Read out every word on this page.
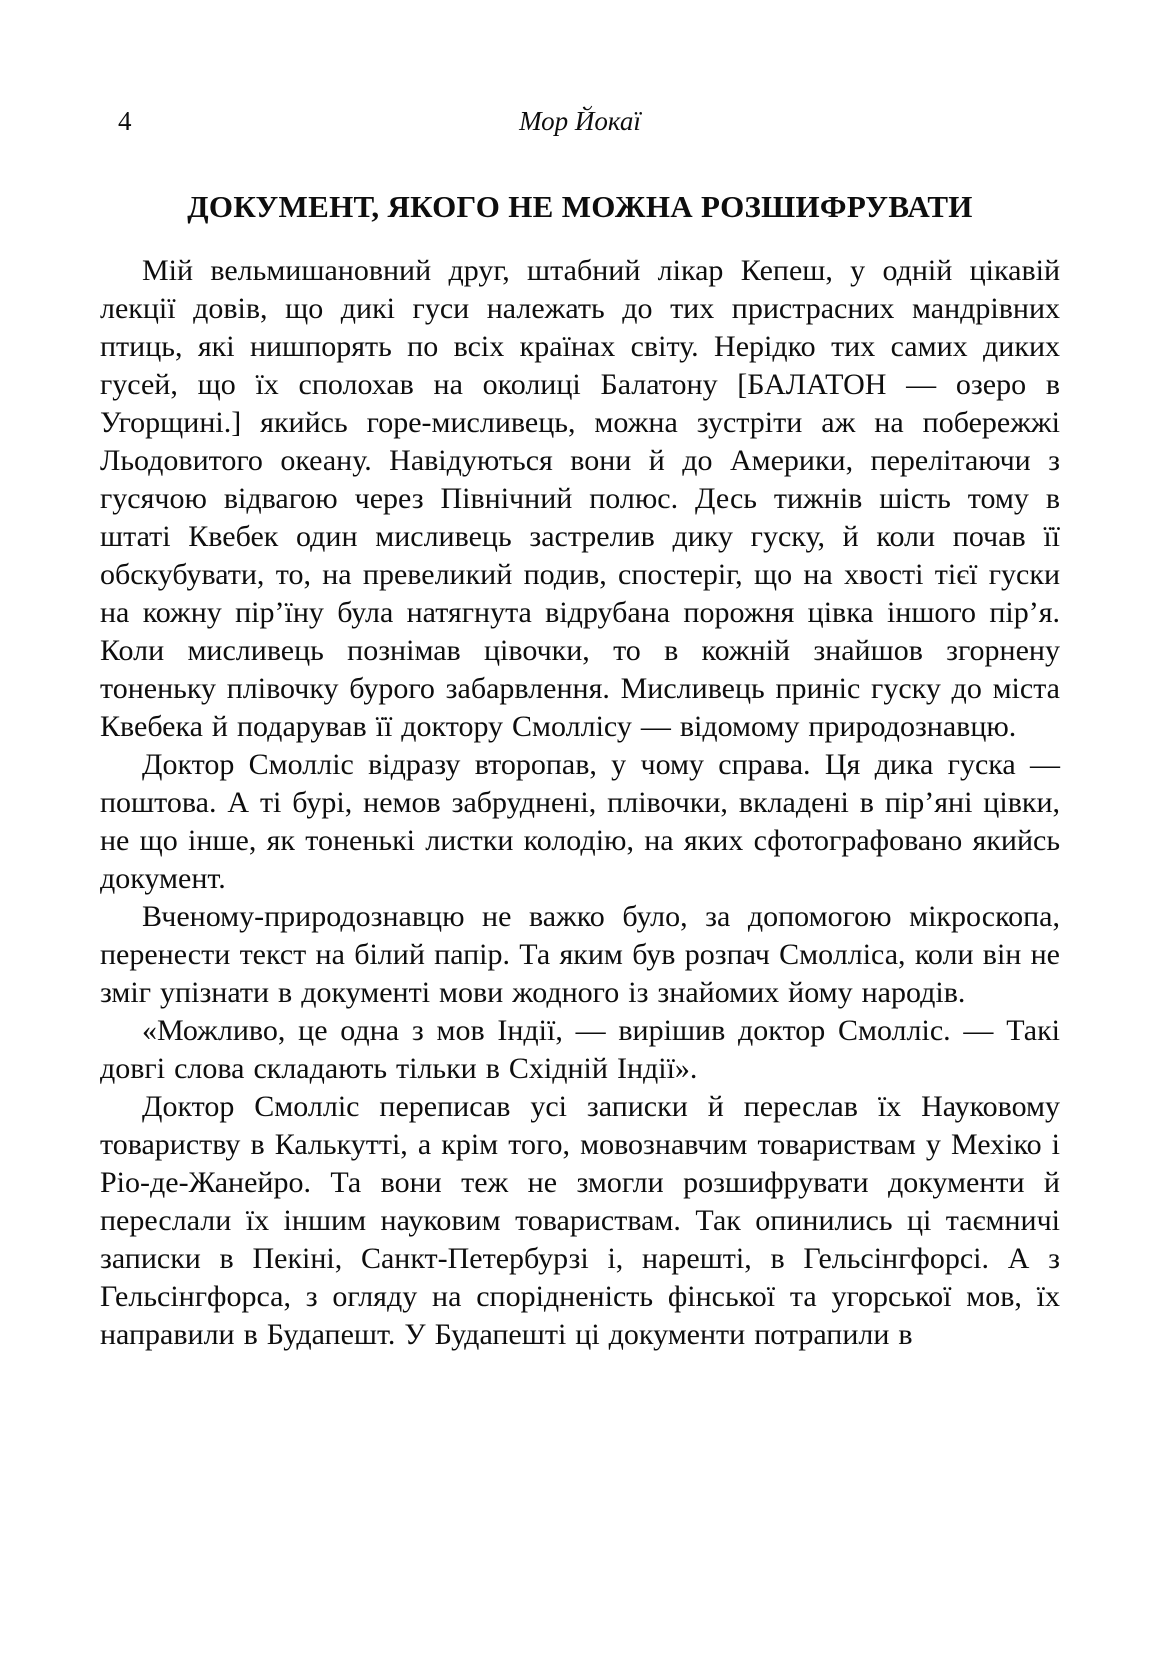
4	Мор Йокаї
ДОКУМЕНТ, ЯКОГО НЕ МОЖНА РОЗШИФРУВАТИ

Мій вельмишановний друг, штабний лікар Кепеш, у одній цікавій лекції довів, що дикі гуси належать до тих пристрасних мандрівних птиць, які нишпорять по всіх країнах світу. Нерідко тих самих диких гусей, що їх сполохав на околиці Балатону [БАЛАТОН — озеро в Угорщині.] якийсь горе-мисливець, можна зустріти аж на побережжі Льодовитого океану. Навідуються вони й до Америки, перелітаючи з гусячою відвагою через Північний полюс. Десь тижнів шість тому в штаті Квебек один мисливець застрелив дику гуску, й коли почав її обскубувати, то, на превеликий подив, спостеріг, що на хвості тієї гуски на кожну пір’їну була натягнута відрубана порожня цівка іншого пір’я. Коли мисливець познімав цівочки, то в кожній знайшов згорнену тоненьку плівочку бурого забарвлення. Мисливець приніс гуску до міста Квебека й подарував її доктору Смоллісу — відомому природознавцю.

Доктор Смолліс відразу второпав, у чому справа. Ця дика гуска — поштова. А ті бурі, немов забруднені, плівочки, вкладені в пір’яні цівки, не що інше, як тоненькі листки колодію, на яких сфотографовано якийсь документ.

Вченому-природознавцю не важко було, за допомогою мікроскопа, перенести текст на білий папір. Та яким був розпач Смолліса, коли він не зміг упізнати в документі мови жодного із знайомих йому народів.

«Можливо, це одна з мов Індії, — вирішив доктор Смолліс. — Такі довгі слова складають тільки в Східній Індії».

Доктор Смолліс переписав усі записки й переслав їх Науковому товариству в Калькутті, а крім того, мовознавчим товариствам у Мехіко і Ріо-де-Жанейро. Та вони теж не змогли розшифрувати документи й переслали їх іншим науковим товариствам. Так опинились ці таємничі записки в Пекіні, Санкт-Петербурзі і, нарешті, в Гельсінгфорсі. А з Гельсінгфорса, з огляду на спорідненість фінської та угорської мов, їх направили в Будапешт. У Будапешті ці документи потрапили в
